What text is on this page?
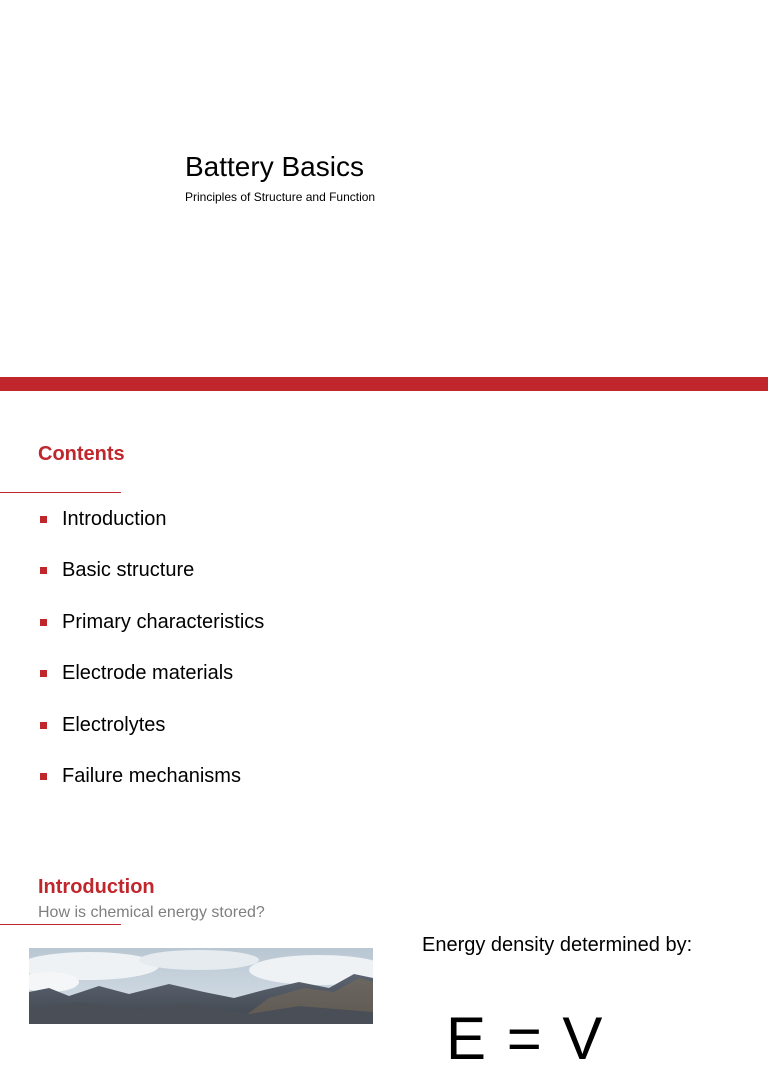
Battery Basics
Principles of Structure and Function
Contents
Introduction
Basic structure
Primary characteristics
Electrode materials
Electrolytes
Failure mechanisms
Introduction
How is chemical energy stored?
Energy density determined by:
E = V
